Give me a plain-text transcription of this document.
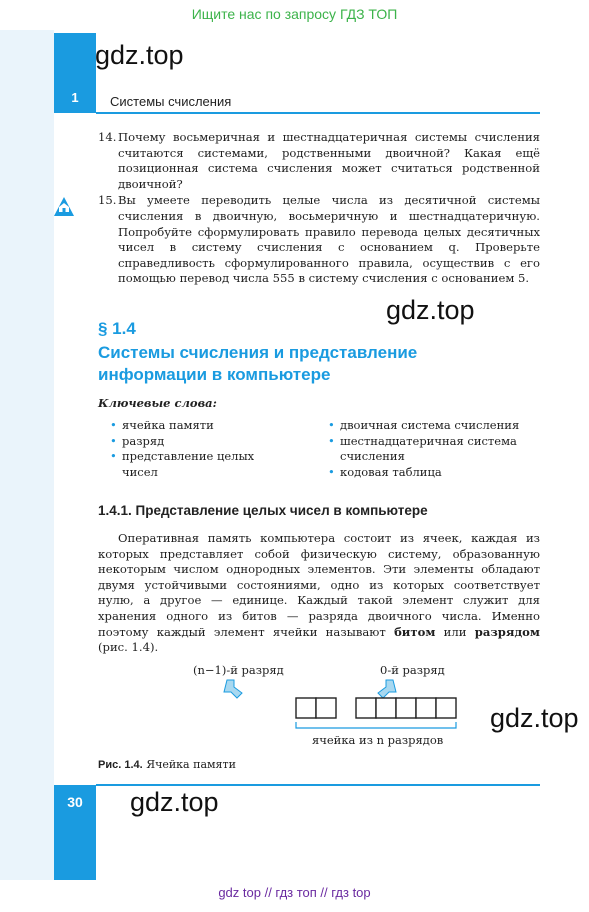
Ищите нас по запросу ГДЗ ТОП
1	Системы счисления
gdz.top
gdz.top
gdz.top
gdz.top
14. Почему восьмеричная и шестнадцатеричная системы счисления считаются системами, родственными двоичной? Какая ещё позиционная система счисления может считаться родственной двоичной?
15. Вы умеете переводить целые числа из десятичной системы счисления в двоичную, восьмеричную и шестнадцатеричную. Попробуйте сформулировать правило перевода целых десятичных чисел в систему счисления с основанием q. Проверьте справедливость сформулированного правила, осуществив с его помощью перевод числа 555 в систему счисления с основанием 5.
§ 1.4
Системы счисления и представление информации в компьютере
Ключевые слова:
• ячейка памяти
• разряд
• представление целых чисел
• двоичная система счисления
• шестнадцатеричная система счисления
• кодовая таблица
1.4.1. Представление целых чисел в компьютере

Оперативная память компьютера состоит из ячеек, каждая из которых представляет собой физическую систему, образованную некоторым числом однородных элементов. Эти элементы обладают двумя устойчивыми состояниями, одно из которых соответствует нулю, а другое — единице. Каждый такой элемент служит для хранения одного из битов — разряда двоичного числа. Именно поэтому каждый элемент ячейки называют битом или разрядом (рис. 1.4).

(n−1)-й разряд	0-й разряд
ячейка из n разрядов
Рис. 1.4. Ячейка памяти
30
gdz top // гдз топ // гдз top
